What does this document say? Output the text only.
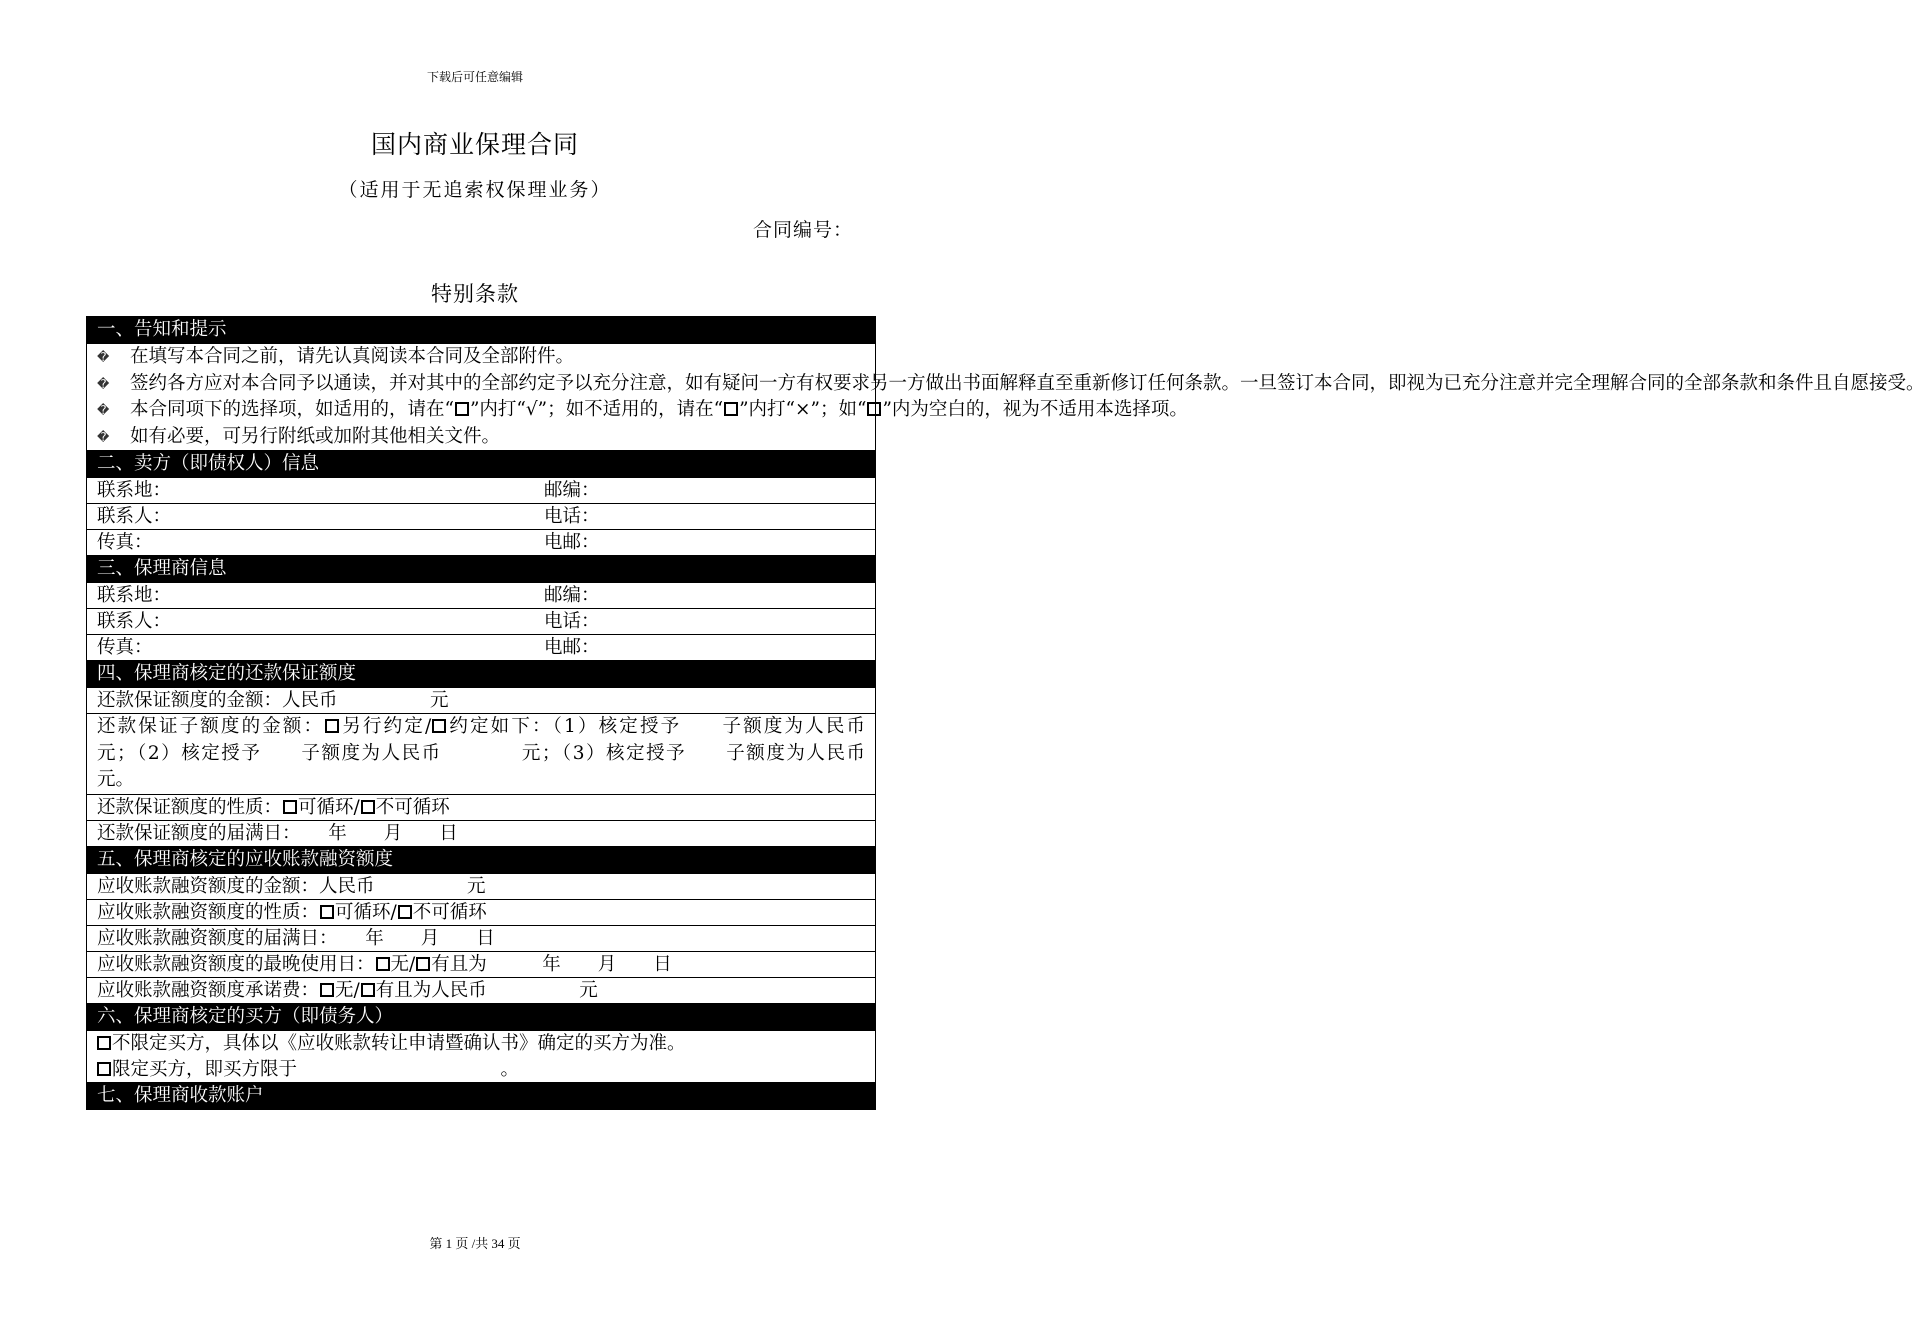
下载后可任意编辑
国内商业保理合同
（适用于无追索权保理业务）
合同编号：
特别条款
一、告知和提示
� 在填写本合同之前，请先认真阅读本合同及全部附件。
� 签约各方应对本合同予以通读，并对其中的全部约定予以充分注意，如有疑问一方有权要求另一方做出书面解释直至重新修订任何条款。一旦签订本合同，即视为已充分注意并完全理解合同的全部条款和条件且自愿接受。
� 本合同项下的选择项，如适用的，请在“ ”内打“√”；如不适用的，请在“ ”内打“×”；如“ ”内为空白的，视为不适用本选择项。
� 如有必要，可另行附纸或加附其他相关文件。
二、卖方（即债权人）信息
联系地：	邮编：
联系人：	电话：
传真：	电邮：
三、保理商信息
联系地：	邮编：
联系人：	电话：
传真：	电邮：
四、保理商核定的还款保证额度
还款保证额度的金额：人民币　　　　　元
还款保证子额度的金额： 另行约定/ 约定如下：（1）核定授予　　子额度为人民币　　　　元；（2）核定授予　　子额度为人民币　　　　元；（3）核定授予　　子额度为人民币　　　　元。
还款保证额度的性质： 可循环/ 不可循环
还款保证额度的届满日：　　年　　月　　日
五、保理商核定的应收账款融资额度
应收账款融资额度的金额：人民币　　　　　元
应收账款融资额度的性质： 可循环/ 不可循环
应收账款融资额度的届满日：　　年　　月　　日
应收账款融资额度的最晚使用日： 无/ 有且为　　　年　　月　　日
应收账款融资额度承诺费： 无/ 有且为人民币　　　　　元
六、保理商核定的买方（即债务人）
不限定买方，具体以《应收账款转让申请暨确认书》确定的买方为准。
限定买方，即买方限于　　　　　　　　　　　。
七、保理商收款账户
第 1 页 /共 34 页
